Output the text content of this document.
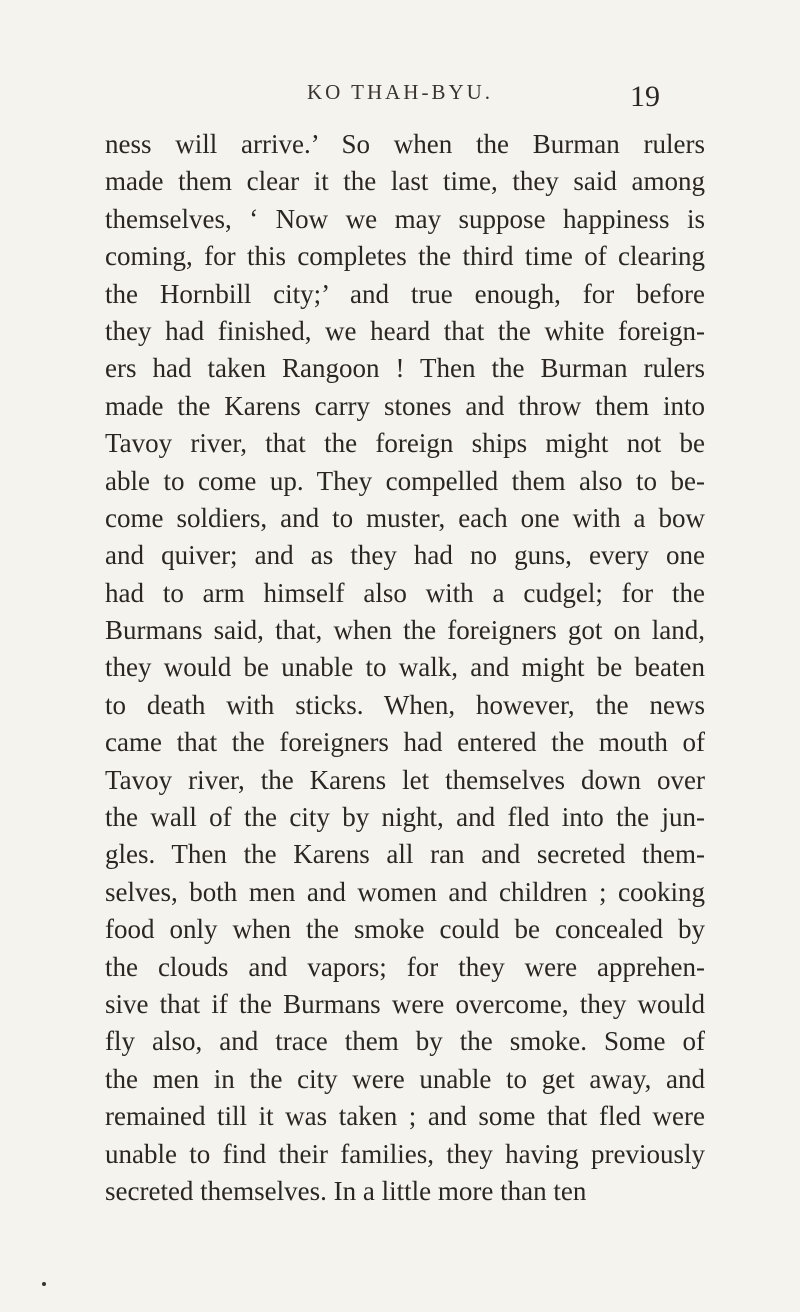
KO THAH-BYU.	19
ness will arrive.’ So when the Burman rulers
made them clear it the last time, they said among
themselves, ‘ Now we may suppose happiness is
coming, for this completes the third time of clearing
the Hornbill city;’ and true enough, for before
they had finished, we heard that the white foreign-
ers had taken Rangoon ! Then the Burman rulers
made the Karens carry stones and throw them into
Tavoy river, that the foreign ships might not be
able to come up. They compelled them also to be-
come soldiers, and to muster, each one with a bow
and quiver; and as they had no guns, every one
had to arm himself also with a cudgel; for the
Burmans said, that, when the foreigners got on land,
they would be unable to walk, and might be beaten
to death with sticks. When, however, the news
came that the foreigners had entered the mouth of
Tavoy river, the Karens let themselves down over
the wall of the city by night, and fled into the jun-
gles. Then the Karens all ran and secreted them-
selves, both men and women and children ; cooking
food only when the smoke could be concealed by
the clouds and vapors; for they were apprehen-
sive that if the Burmans were overcome, they would
fly also, and trace them by the smoke. Some of
the men in the city were unable to get away, and
remained till it was taken ; and some that fled were
unable to find their families, they having previously
secreted themselves. In a little more than ten
